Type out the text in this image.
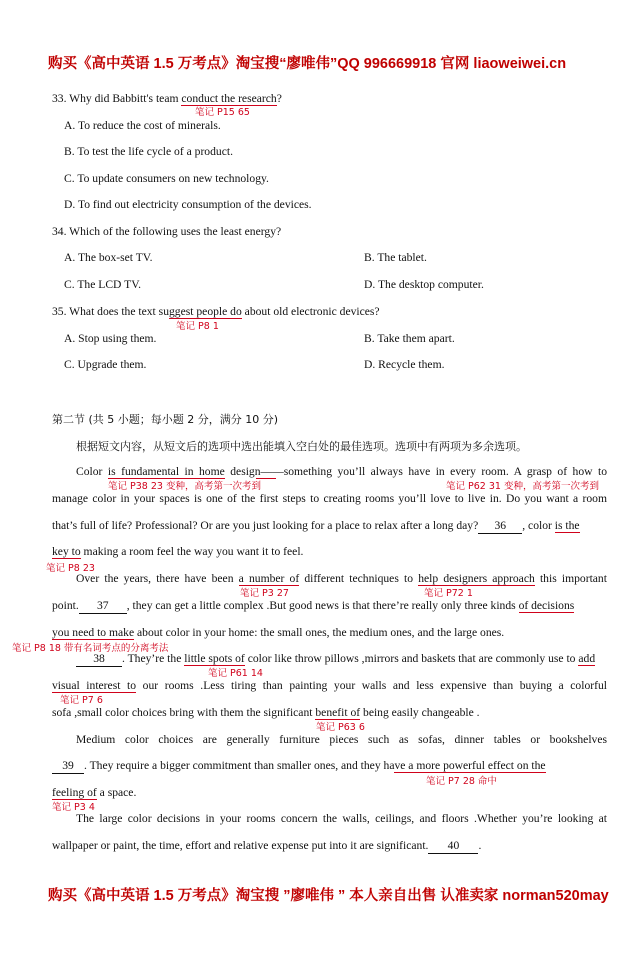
购买《高中英语 1.5 万考点》淘宝搜“廖唯伟”QQ 996669918 官网 liaoweiwei.cn
33. Why did Babbitt's team conduct the research?
笔记 P15 65
A. To reduce the cost of minerals.
B. To test the life cycle of a product.
C. To update consumers on new technology.
D. To find out electricity consumption of the devices.
34. Which of the following uses the least energy?
A. The box-set TV.	B. The tablet.
C. The LCD TV.	D. The desktop computer.
35. What does the text suggest people do about old electronic devices?
笔记 P8 1
A. Stop using them.	B. Take them apart.
C. Upgrade them.	D. Recycle them.
第二节 (共 5 小题；每小题 2 分，满分 10 分)
根据短文内容，从短文后的选项中选出能填入空白处的最佳选项。选项中有两项为多余选项。
Color is fundamental in home design——something you’ll always have in every room. A grasp of how to
笔记 P38 23 变种，高考第一次考到	笔记 P62 31 变种，高考第一次考到
manage color in your spaces is one of the first steps to creating rooms you’ll love to live in. Do you want a room
that’s full of life? Professional? Or are you just looking for a place to relax after a long day? 36 , color is the
key to making a room feel the way you want it to feel.
笔记 P8 23
Over the years, there have been a number of different techniques to help designers approach this important
笔记 P3 27	笔记 P72 1
point. 37 , they can get a little complex .But good news is that there’re really only three kinds of decisions
you need to make about color in your home: the small ones, the medium ones, and the large ones.
笔记 P8 18 带有名词考点的分离考法
38 . They’re the little spots of color like throw pillows ,mirrors and baskets that are commonly use to add
笔记 P61 14
visual interest to our rooms .Less tiring than painting your walls and less expensive than buying a colorful
笔记 P7 6
sofa ,small color choices bring with them the significant benefit of being easily changeable .
笔记 P63 6
Medium color choices are generally furniture pieces such as sofas, dinner tables or bookshelves
39 . They require a bigger commitment than smaller ones, and they have a more powerful effect on the
笔记 P7 28 命中
feeling of a space.
笔记 P3 4
The large color decisions in your rooms concern the walls, ceilings, and floors .Whether you’re looking at
wallpaper or paint, the time, effort and relative expense put into it are significant. 40 .
购买《高中英语 1.5 万考点》淘宝搜 ”廖唯伟 ” 本人亲自出售 认准卖家 norman520may
